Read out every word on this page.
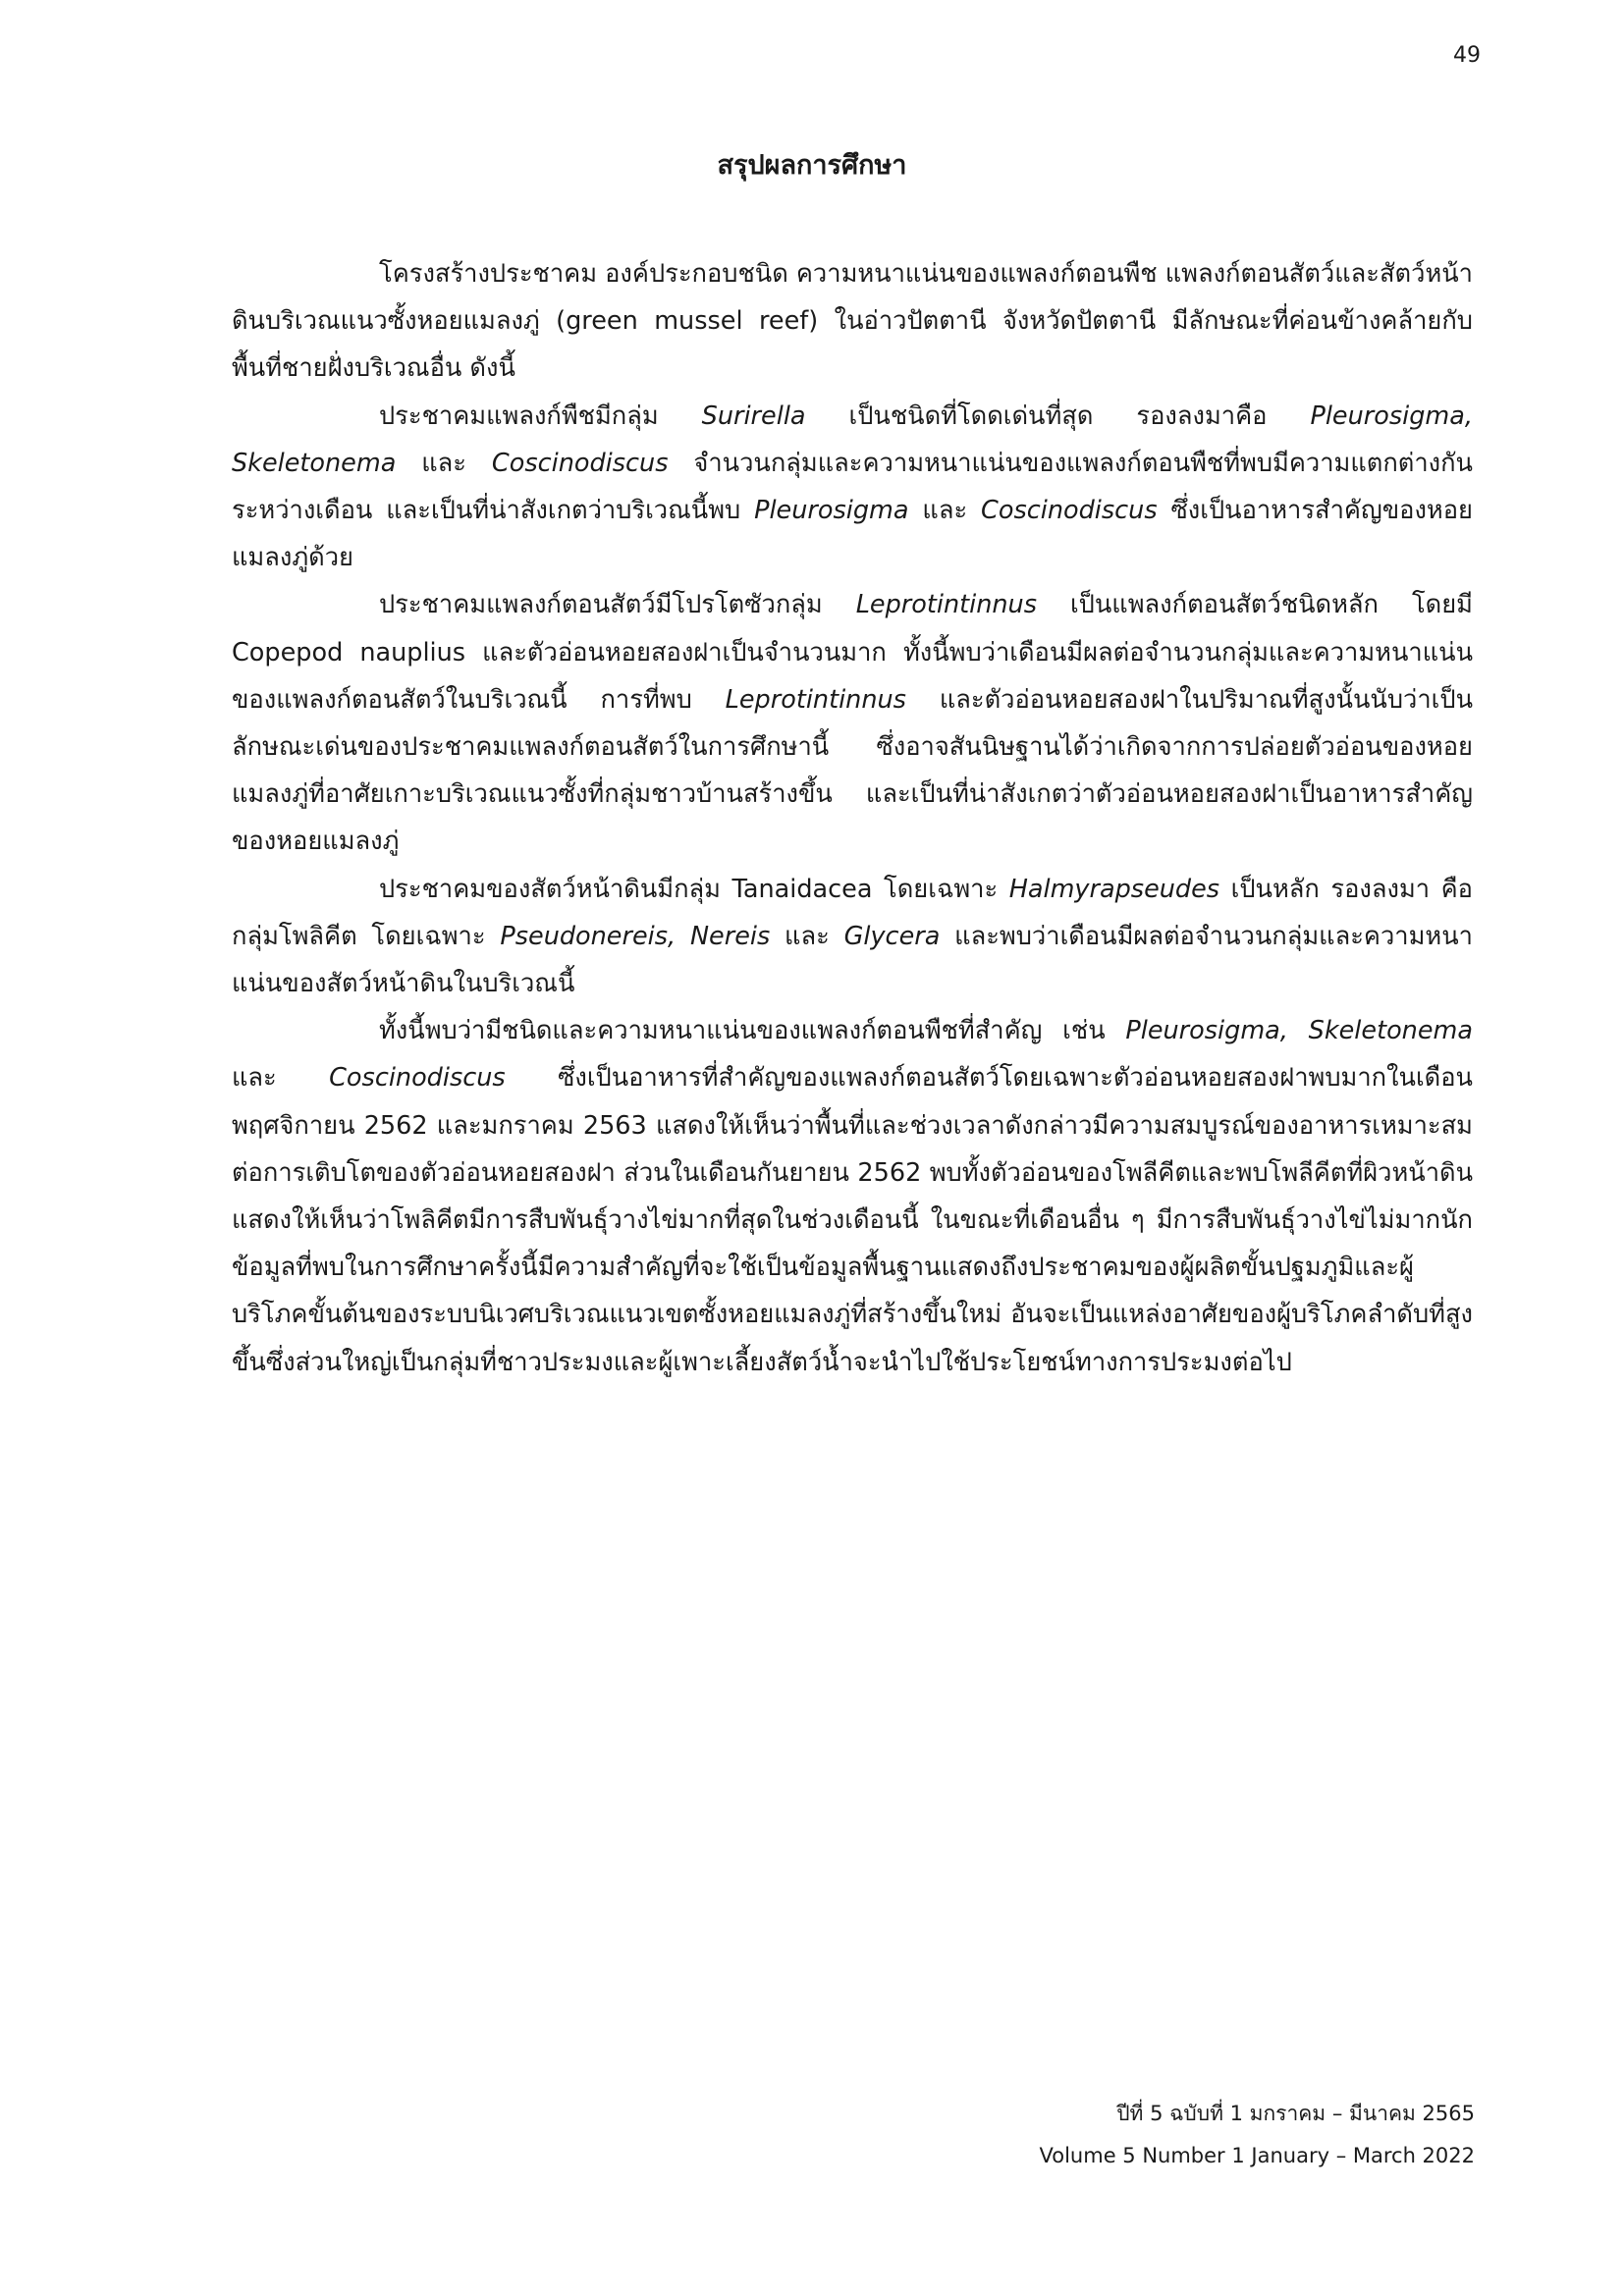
49
สรุปผลการศึกษา

โครงสร้างประชาคม องค์ประกอบชนิด ความหนาแน่นของแพลงก์ตอนพืช แพลงก์ตอนสัตว์และสัตว์หน้าดินบริเวณแนวซั้งหอยแมลงภู่ (green mussel reef) ในอ่าวปัตตานี จังหวัดปัตตานี มีลักษณะที่ค่อนข้างคล้ายกับพื้นที่ชายฝั่งบริเวณอื่น ดังนี้

ประชาคมแพลงก์พืชมีกลุ่ม Surirella เป็นชนิดที่โดดเด่นที่สุด รองลงมาคือ Pleurosigma, Skeletonema และ Coscinodiscus จำนวนกลุ่มและความหนาแน่นของแพลงก์ตอนพืชที่พบมีความแตกต่างกันระหว่างเดือน และเป็นที่น่าสังเกตว่าบริเวณนี้พบ Pleurosigma และ Coscinodiscus ซึ่งเป็นอาหารสำคัญของหอยแมลงภู่ด้วย

ประชาคมแพลงก์ตอนสัตว์มีโปรโตซัวกลุ่ม Leprotintinnus เป็นแพลงก์ตอนสัตว์ชนิดหลัก โดยมี Copepod nauplius และตัวอ่อนหอยสองฝาเป็นจำนวนมาก ทั้งนี้พบว่าเดือนมีผลต่อจำนวนกลุ่มและความหนาแน่นของแพลงก์ตอนสัตว์ในบริเวณนี้ การที่พบ Leprotintinnus และตัวอ่อนหอยสองฝาในปริมาณที่สูงนั้นนับว่าเป็นลักษณะเด่นของประชาคมแพลงก์ตอนสัตว์ในการศึกษานี้ ซึ่งอาจสันนิษฐานได้ว่าเกิดจากการปล่อยตัวอ่อนของหอยแมลงภู่ที่อาศัยเกาะบริเวณแนวซั้งที่กลุ่มชาวบ้านสร้างขึ้น และเป็นที่น่าสังเกตว่าตัวอ่อนหอยสองฝาเป็นอาหารสำคัญของหอยแมลงภู่

ประชาคมของสัตว์หน้าดินมีกลุ่ม Tanaidacea โดยเฉพาะ Halmyrapseudes เป็นหลัก รองลงมา คือ กลุ่มโพลิคีต โดยเฉพาะ Pseudonereis, Nereis และ Glycera และพบว่าเดือนมีผลต่อจำนวนกลุ่มและความหนาแน่นของสัตว์หน้าดินในบริเวณนี้

ทั้งนี้พบว่ามีชนิดและความหนาแน่นของแพลงก์ตอนพืชที่สำคัญ เช่น Pleurosigma, Skeletonema และ Coscinodiscus ซึ่งเป็นอาหารที่สำคัญของแพลงก์ตอนสัตว์โดยเฉพาะตัวอ่อนหอยสองฝาพบมากในเดือนพฤศจิกายน 2562 และมกราคม 2563 แสดงให้เห็นว่าพื้นที่และช่วงเวลาดังกล่าวมีความสมบูรณ์ของอาหารเหมาะสมต่อการเติบโตของตัวอ่อนหอยสองฝา ส่วนในเดือนกันยายน 2562 พบทั้งตัวอ่อนของโพลีคีตและพบโพลีคีตที่ผิวหน้าดิน แสดงให้เห็นว่าโพลิคีตมีการสืบพันธุ์วางไข่มากที่สุดในช่วงเดือนนี้ ในขณะที่เดือนอื่น ๆ มีการสืบพันธุ์วางไข่ไม่มากนัก ข้อมูลที่พบในการศึกษาครั้งนี้มีความสำคัญที่จะใช้เป็นข้อมูลพื้นฐานแสดงถึงประชาคมของผู้ผลิตขั้นปฐมภูมิและผู้บริโภคขั้นต้นของระบบนิเวศบริเวณแนวเขตซั้งหอยแมลงภู่ที่สร้างขึ้นใหม่ อันจะเป็นแหล่งอาศัยของผู้บริโภคลำดับที่สูงขึ้นซึ่งส่วนใหญ่เป็นกลุ่มที่ชาวประมงและผู้เพาะเลี้ยงสัตว์น้ำจะนำไปใช้ประโยชน์ทางการประมงต่อไป

ปีที่ 5 ฉบับที่ 1 มกราคม – มีนาคม 2565
Volume 5 Number 1 January – March 2022
